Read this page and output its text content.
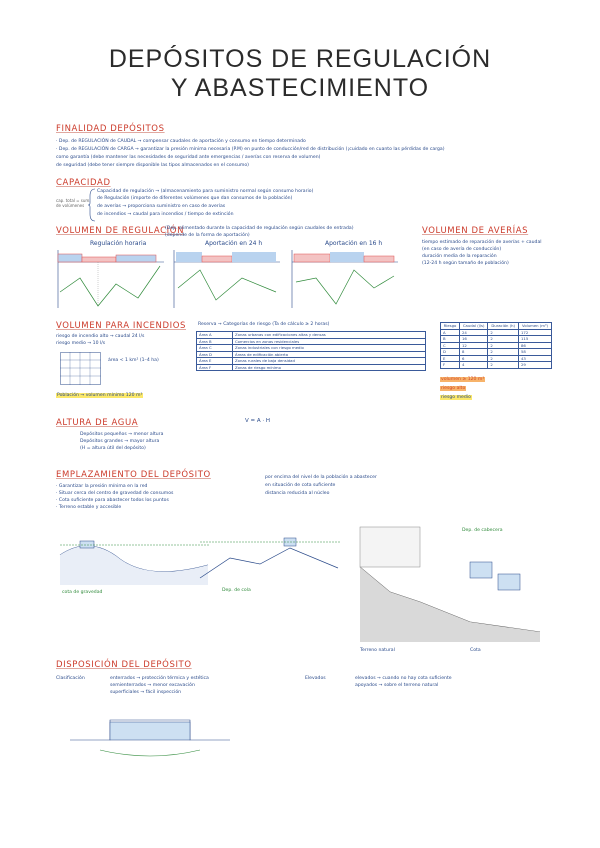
DEPÓSITOS DE REGULACIÓN
Y ABASTECIMIENTO
FINALIDAD DEPÓSITOS
· Dep. de REGULACIÓN de CAUDAL → compensar caudales de aportación y consumo en tiempo determinado
· Dep. de REGULACIÓN de CARGA → garantizar la presión mínima necesaria (P.M) en punto de conducción/red de distribución (¡cuidado en cuanto las pérdidas de carga)
como garantía (debe mantener las necesidades de seguridad ante emergencias / averías con reserva de volumen)
de seguridad (debe tener siempre disponible las tipos almacenados en el consumo)
CAPACIDAD
cap. total = sum. de volúmenes
Capacidad de regulación → (almacenamiento para suministro normal según consumo horario)
de Regulación (importe de diferentes volúmenes que dan consumos de la población)
de averías → proporciona suministro en caso de averías
de incendios → caudal para incendios / tiempo de extinción
VOLUMEN DE REGULACIÓN
(Dep. alimentado durante la capacidad de regulación según caudales de entrada)
(depende de la forma de aportación)
Regulación horaria	Aportación en 24 h	Aportación en 16 h
VOLUMEN DE AVERÍAS
tiempo estimado de reparación de averías + caudal
(en caso de avería de conducción)
duración media de la reparación
(12-24 h según tamaño de población)
VOLUMEN PARA INCENDIOS
riesgo de incendio alto → caudal 24 l/s
riesgo medio → 10 l/s
área < 1 km² (1–4 ha)
Población → volumen mínimo 120 m³
Reserva → Categorías de riesgo (Ta de cálculo ≥ 2 horas)
Área A	Zonas urbanas con edificaciones altas y densas
Área B	Comercios en zonas residenciales
Área C	Zonas industriales con riesgo medio
Área D	Áreas de edificación abierta
Área E	Zonas rurales de baja densidad
Área F	Zonas de riesgo mínimo
Riesgo	Caudal (l/s)	Duración (h)	Volumen (m³)
A	24	2	172
B	16	2	115
C	12	2	86
D	8	2	58
E	6	2	43
F	4	2	29
volumen ≥ 120 m³
riesgo alto
riesgo medio
ALTURA DE AGUA
Depósitos pequeños → menor altura
Depósitos grandes → mayor altura
(H = altura útil del depósito)
V = A · H
EMPLAZAMIENTO DEL DEPÓSITO
· Garantizar la presión mínima en la red
· Situar cerca del centro de gravedad de consumos
· Cota suficiente para abastecer todos los puntos
· Terreno estable y accesible
por encima del nivel de la población a abastecer
en situación de cota suficiente
distancia reducida al núcleo
cota de gravedad	Dep. de cola
Dep. de cabecera
Terreno natural	Cota
DISPOSICIÓN DEL DEPÓSITO
Clasificación	enterrados → protección térmica y estética
semienterrados → menor excavación
superficiales → fácil inspección
Elevados	elevados → cuando no hay cota suficiente
apoyados → sobre el terreno natural
